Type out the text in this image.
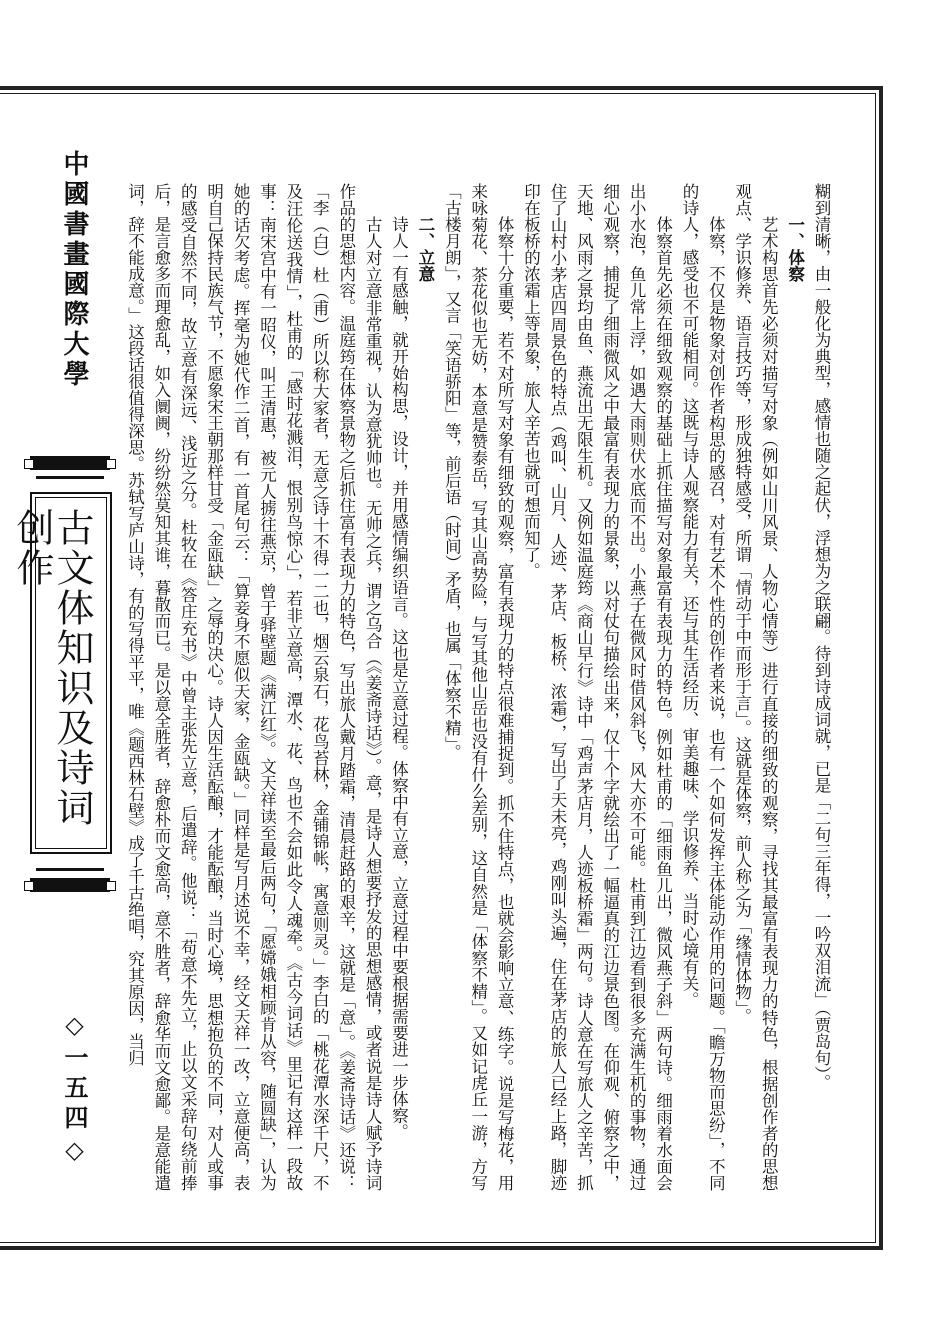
中國書畫國際大學
古文体知识及诗词创作
◇一五四◇	糊到清晰，由一般化为典型，感情也随之起伏，浮想为之联翩。待到诗成词就，已是「二句三年得，一吟双泪流」（贾岛句）。

一、体察

艺术构思首先必须对描写对象（例如山川风景、人物心情等）进行直接的细致的观察，寻找其最富有表现力的特色，根据创作者的思想观点、学识修养、语言技巧等，形成独特感受，所谓「情动于中而形于言」。这就是体察，前人称之为「缘情体物」。

体察，不仅是物象对创作者构思的感召，对有艺术个性的创作者来说，也有一个如何发挥主体能动作用的问题。「瞻万物而思纷」，不同的诗人，感受也不可能相同。这既与诗人观察能力有关，还与其生活经历、审美趣味、学识修养、当时心境有关。

体察首先必须在细致观察的基础上抓住描写对象最富有表现力的特色。例如杜甫的「细雨鱼儿出，微风燕子斜」两句诗。细雨着水面会出小水泡，鱼儿常上浮，如遇大雨则伏水底而不出。小燕子在微风时借风斜飞，风大亦不可能。杜甫到江边看到很多充满生机的事物，通过细心观察，捕捉了细雨微风之中最富有表现力的景象，以对仗句描绘出来，仅十个字就绘出了一幅逼真的江边景色图。在仰观、俯察之中，天地、风雨之景均由鱼、燕流出无限生机。又例如温庭筠《商山早行》诗中「鸡声茅店月，人迹板桥霜」两句。诗人意在写旅人之辛苦，抓住了山村小茅店四周景色的特点（鸡叫、山月、人迹、茅店、板桥、浓霜），写出了天未亮，鸡刚叫头遍，住在茅店的旅人已经上路，脚迹印在板桥的浓霜上等景象，旅人辛苦也就可想而知了。

体察十分重要，若不对所写对象有细致的观察，富有表现力的特点很难捕捉到。抓不住特点，也就会影响立意、练字。说是写梅花，用来咏菊花、茶花似也无妨，本意是赞泰岳，写其山高势险，与写其他山岳也没有什么差别，这自然是「体察不精」。又如记虎丘一游，方写「古楼月朗」，又言「笑语骄阳」等，前后语（时间）矛盾，也属「体察不精」。

二、立意

诗人一有感触，就开始构思，设计，并用感情编织语言。这也是立意过程。体察中有立意，立意过程中要根据需要进一步体察。

古人对立意非常重视，认为意犹帅也。无帅之兵，谓之乌合（《姜斋诗话》）。意，是诗人想要抒发的思想感情，或者说是诗人赋予诗词作品的思想内容。温庭筠在体察景物之后抓住富有表现力的特色，写出旅人戴月踏霜，清晨赶路的艰辛，这就是「意」。《姜斋诗话》还说：「李（白）杜（甫）所以称大家者，无意之诗十不得一二也，烟云泉石，花鸟苔林，金铺锦帐，寓意则灵。」李白的「桃花潭水深千尺，不及汪伦送我情」，杜甫的「感时花溅泪，恨别鸟惊心」，若非立意高，潭水、花、鸟也不会如此令人魂牵。《古今词话》里记有这样一段故事：南宋宫中有一昭仪，叫王清惠，被元人掳往燕京，曾于驿壁题《满江红》。文天祥读至最后两句，「愿嫦娥相顾肯从容，随圆缺」，认为她的话欠考虑。挥毫为她代作二首，有一首尾句云：「算妾身不愿似天家，金瓯缺。」同样是写月述说不幸，经文天祥一改，立意便高，表明自己保持民族气节，不愿象宋王朝那样甘受「金瓯缺」之辱的决心。诗人因生活酝酿，才能酝酿，当时心境，思想抱负的不同，对人或事的感受自然不同，故立意有深远、浅近之分。杜牧在《答庄充书》中曾主张先立意，后遣辞。他说：「苟意不先立，止以文采辞句绕前捧后，是言愈多而理愈乱，如入阛阓，纷纷然莫知其谁，暮散而已。是以意全胜者，辞愈朴而文愈高，意不胜者，辞愈华而文愈鄙。是意能遣词，辞不能成意。」这段话很值得深思。苏轼写庐山诗，有的写得平平，唯《题西林石壁》成了千古绝唱，究其原因，当归
